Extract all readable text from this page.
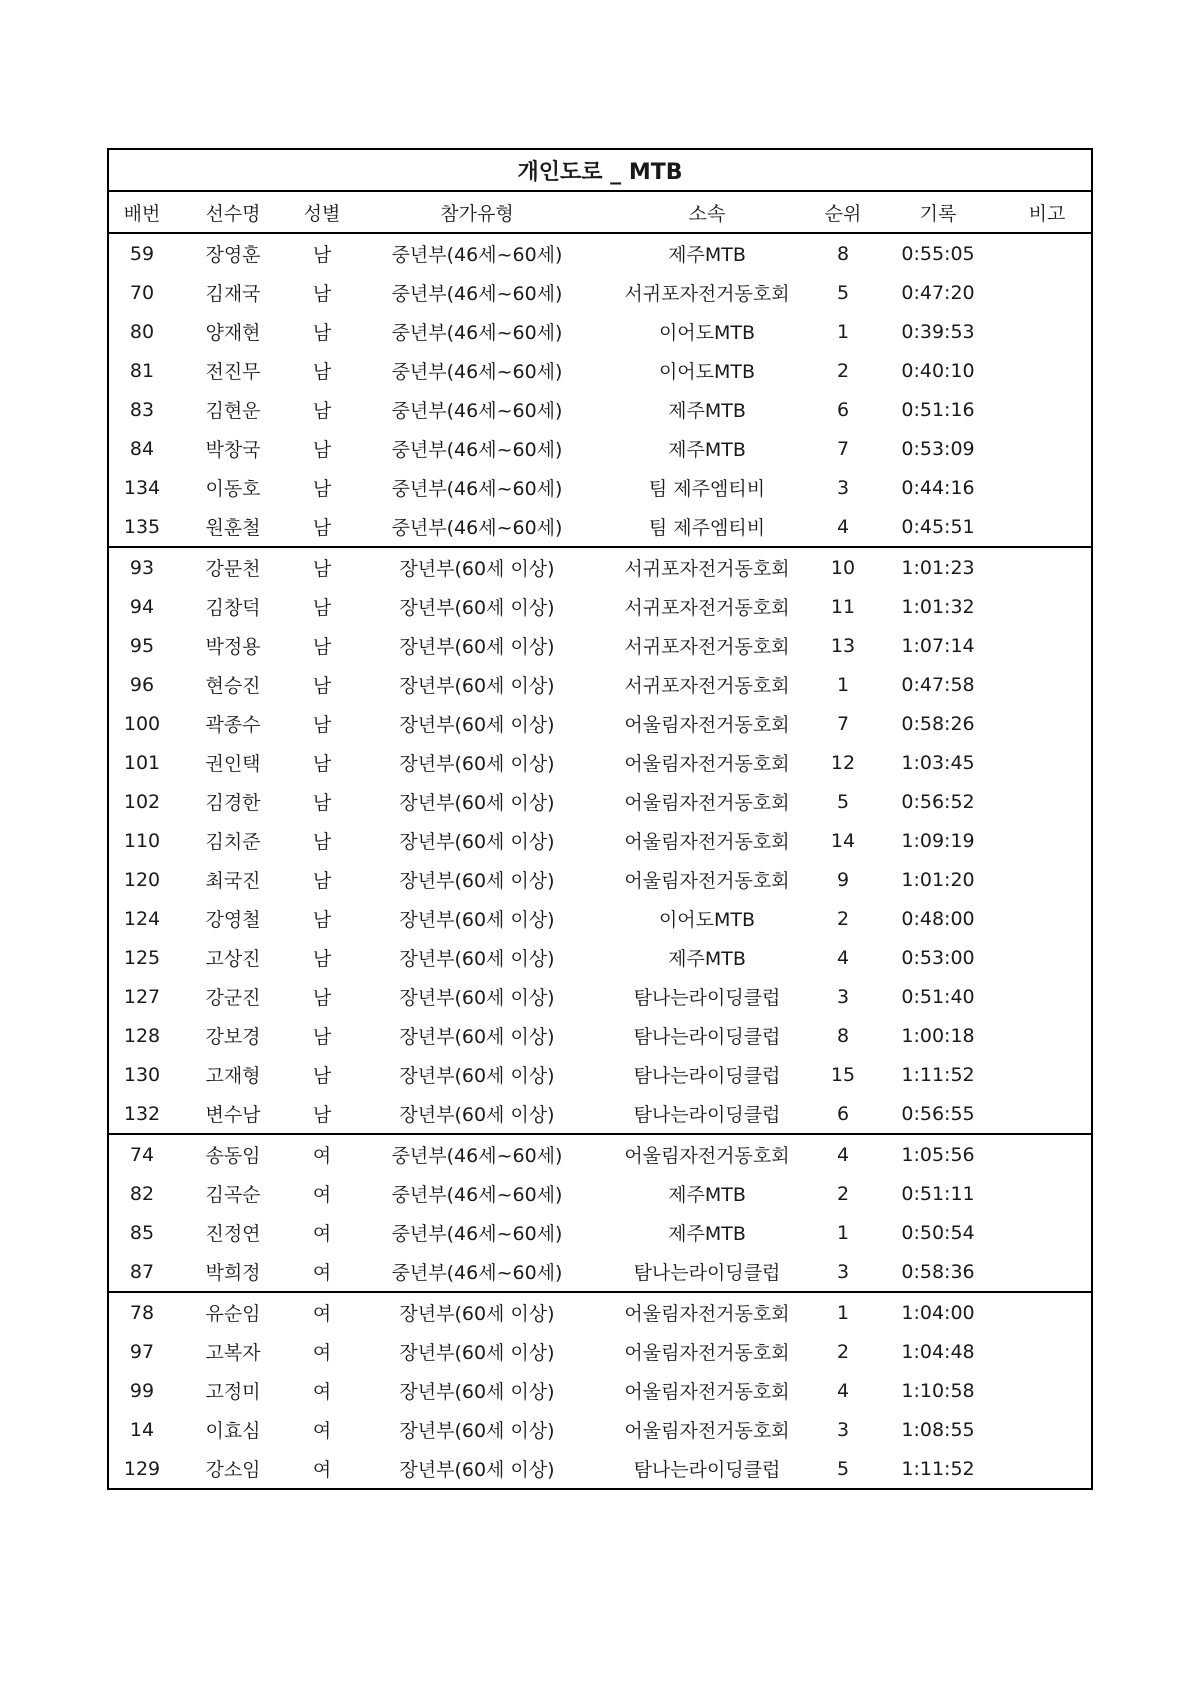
개인도로 _ MTB
배번	선수명	성별	참가유형	소속	순위	기록	비고
59	장영훈	남	중년부(46세~60세)	제주MTB	8	0:55:05
70	김재국	남	중년부(46세~60세)	서귀포자전거동호회	5	0:47:20
80	양재현	남	중년부(46세~60세)	이어도MTB	1	0:39:53
81	전진무	남	중년부(46세~60세)	이어도MTB	2	0:40:10
83	김현운	남	중년부(46세~60세)	제주MTB	6	0:51:16
84	박창국	남	중년부(46세~60세)	제주MTB	7	0:53:09
134	이동호	남	중년부(46세~60세)	팀 제주엠티비	3	0:44:16
135	원훈철	남	중년부(46세~60세)	팀 제주엠티비	4	0:45:51
93	강문천	남	장년부(60세 이상)	서귀포자전거동호회	10	1:01:23
94	김창덕	남	장년부(60세 이상)	서귀포자전거동호회	11	1:01:32
95	박정용	남	장년부(60세 이상)	서귀포자전거동호회	13	1:07:14
96	현승진	남	장년부(60세 이상)	서귀포자전거동호회	1	0:47:58
100	곽종수	남	장년부(60세 이상)	어울림자전거동호회	7	0:58:26
101	권인택	남	장년부(60세 이상)	어울림자전거동호회	12	1:03:45
102	김경한	남	장년부(60세 이상)	어울림자전거동호회	5	0:56:52
110	김치준	남	장년부(60세 이상)	어울림자전거동호회	14	1:09:19
120	최국진	남	장년부(60세 이상)	어울림자전거동호회	9	1:01:20
124	강영철	남	장년부(60세 이상)	이어도MTB	2	0:48:00
125	고상진	남	장년부(60세 이상)	제주MTB	4	0:53:00
127	강군진	남	장년부(60세 이상)	탐나는라이딩클럽	3	0:51:40
128	강보경	남	장년부(60세 이상)	탐나는라이딩클럽	8	1:00:18
130	고재형	남	장년부(60세 이상)	탐나는라이딩클럽	15	1:11:52
132	변수남	남	장년부(60세 이상)	탐나는라이딩클럽	6	0:56:55
74	송동임	여	중년부(46세~60세)	어울림자전거동호회	4	1:05:56
82	김곡순	여	중년부(46세~60세)	제주MTB	2	0:51:11
85	진정연	여	중년부(46세~60세)	제주MTB	1	0:50:54
87	박희정	여	중년부(46세~60세)	탐나는라이딩클럽	3	0:58:36
78	유순임	여	장년부(60세 이상)	어울림자전거동호회	1	1:04:00
97	고복자	여	장년부(60세 이상)	어울림자전거동호회	2	1:04:48
99	고정미	여	장년부(60세 이상)	어울림자전거동호회	4	1:10:58
14	이효심	여	장년부(60세 이상)	어울림자전거동호회	3	1:08:55
129	강소임	여	장년부(60세 이상)	탐나는라이딩클럽	5	1:11:52
